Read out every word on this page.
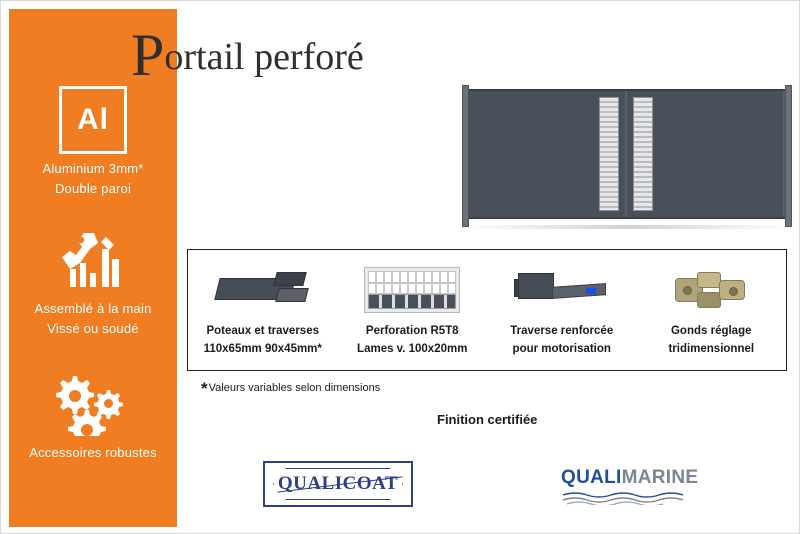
Al
Aluminium 3mm*
Double paroi
Assemblé à la main
Vissé ou soudé
Accessoires robustes
Portail perforé
Poteaux et traverses
110x65mm 90x45mm*
Perforation R5T8
Lames v. 100x20mm
Traverse renforcée
pour motorisation
Gonds réglage
tridimensionnel
*Valeurs variables selon dimensions
Finition certifiée
QUALICOAT	QUALIMARINE
